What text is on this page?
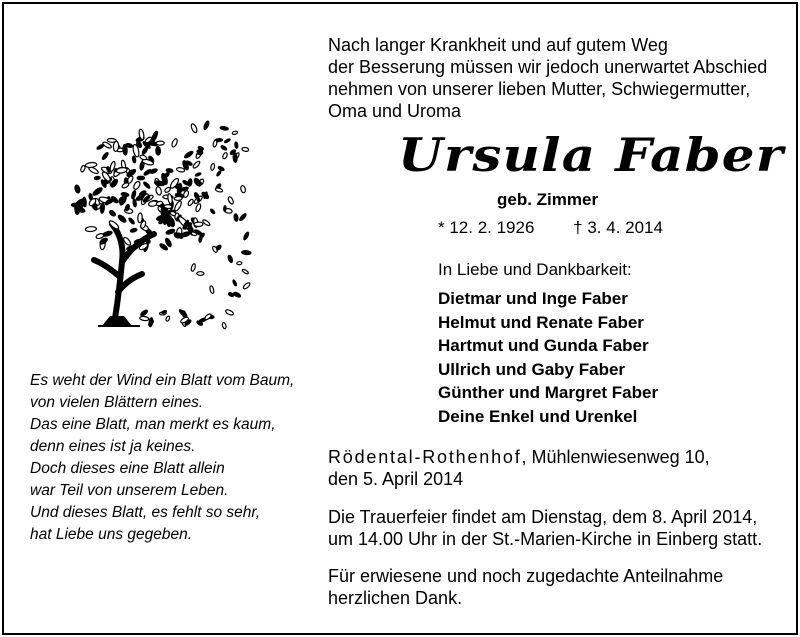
Es weht der Wind ein Blatt vom Baum,
von vielen Blättern eines.
Das eine Blatt, man merkt es kaum,
denn eines ist ja keines.
Doch dieses eine Blatt allein
war Teil von unserem Leben.
Und dieses Blatt, es fehlt so sehr,
hat Liebe uns gegeben.
Nach langer Krankheit und auf gutem Weg
der Besserung müssen wir jedoch unerwartet Abschied
nehmen von unserer lieben Mutter, Schwiegermutter,
Oma und Uroma
Ursula Faber
geb. Zimmer
* 12. 2. 1926 † 3. 4. 2014
In Liebe und Dankbarkeit:
Dietmar und Inge Faber
Helmut und Renate Faber
Hartmut und Gunda Faber
Ullrich und Gaby Faber
Günther und Margret Faber
Deine Enkel und Urenkel
Rödental-Rothenhof, Mühlenwiesenweg 10,
den 5. April 2014
Die Trauerfeier findet am Dienstag, dem 8. April 2014,
um 14.00 Uhr in der St.-Marien-Kirche in Einberg statt.
Für erwiesene und noch zugedachte Anteilnahme
herzlichen Dank.
